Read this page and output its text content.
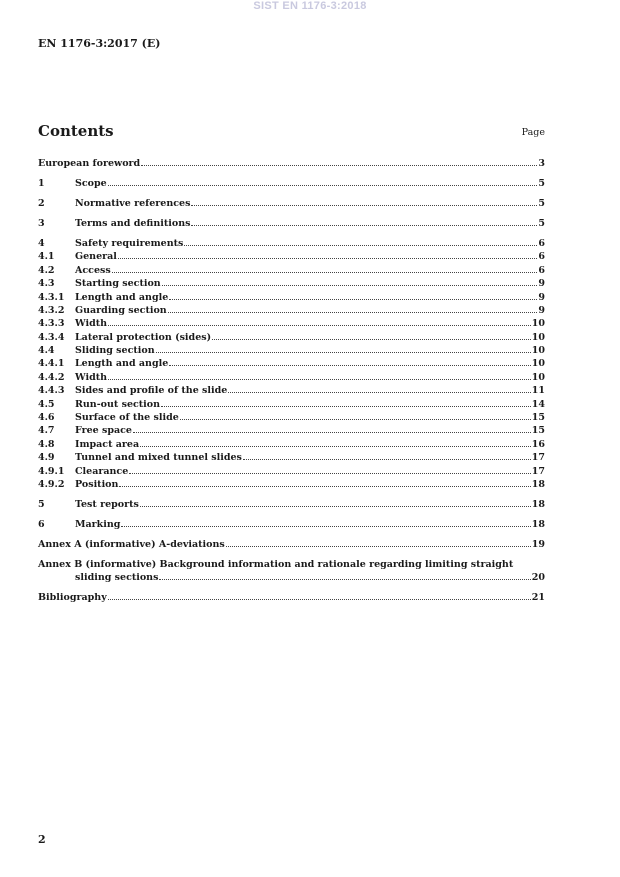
SIST EN 1176-3:2018
EN 1176-3:2017 (E)
Contents	Page
European foreword	3
1	Scope	5
2	Normative references	5
3	Terms and definitions	5
4	Safety requirements	6
4.1	General	6
4.2	Access	6
4.3	Starting section	9
4.3.1	Length and angle	9
4.3.2	Guarding section	9
4.3.3	Width	10
4.3.4	Lateral protection (sides)	10
4.4	Sliding section	10
4.4.1	Length and angle	10
4.4.2	Width	10
4.4.3	Sides and profile of the slide	11
4.5	Run-out section	14
4.6	Surface of the slide	15
4.7	Free space	15
4.8	Impact area	16
4.9	Tunnel and mixed tunnel slides	17
4.9.1	Clearance	17
4.9.2	Position	18
5	Test reports	18
6	Marking	18
Annex A (informative) A-deviations	19
Annex B (informative) Background information and rationale regarding limiting straight
sliding sections	20
Bibliography	21
2
